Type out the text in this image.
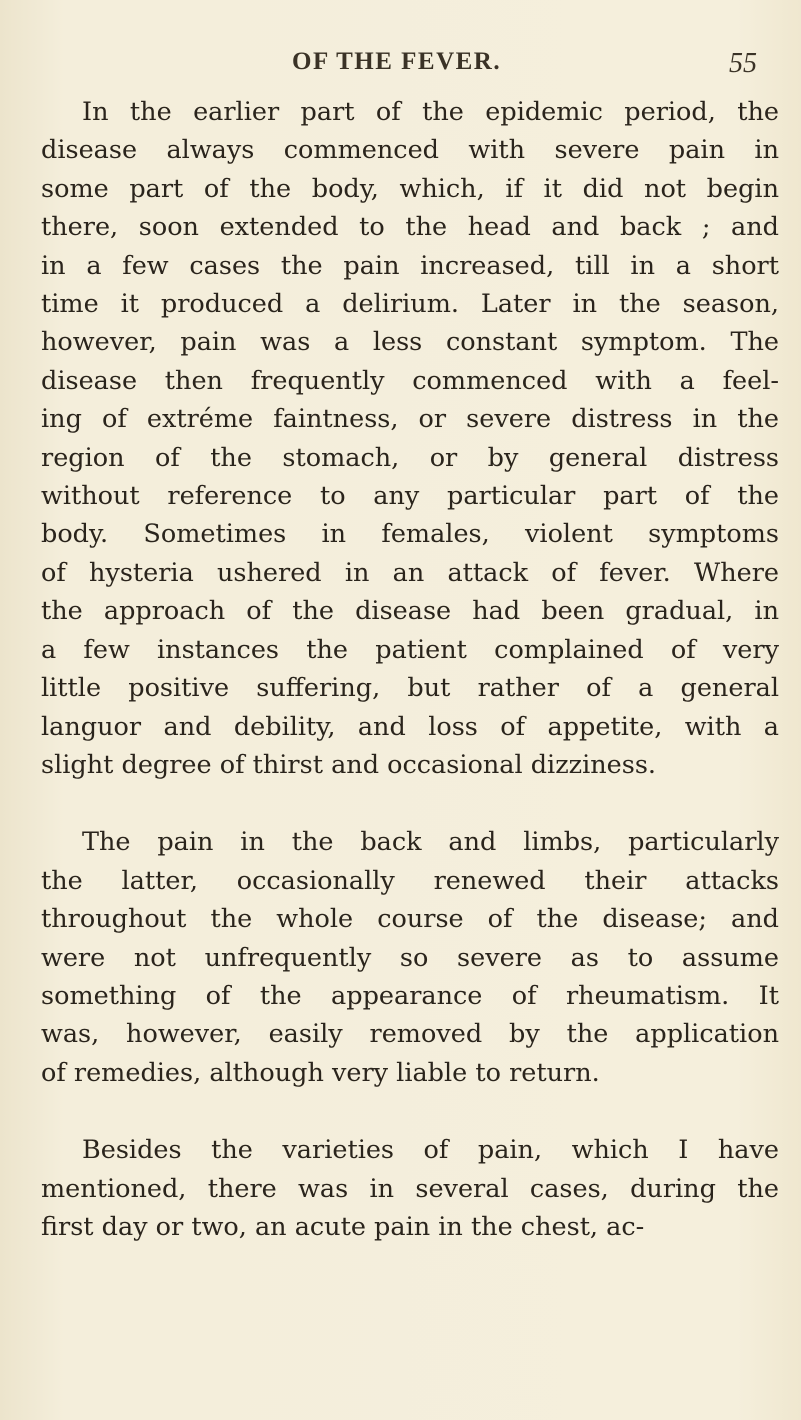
OF THE FEVER.	55

In the earlier part of the epidemic period, the
disease always commenced with severe pain in
some part of the body, which, if it did not begin
there, soon extended to the head and back ; and
in a few cases the pain increased, till in a short
time it produced a delirium. Later in the season,
however, pain was a less constant symptom. The
disease then frequently commenced with a feel-
ing of extréme faintness, or severe distress in the
region of the stomach, or by general distress
without reference to any particular part of the
body. Sometimes in females, violent symptoms
of hysteria ushered in an attack of fever. Where
the approach of the disease had been gradual, in
a few instances the patient complained of very
little positive suffering, but rather of a general
languor and debility, and loss of appetite, with a
slight degree of thirst and occasional dizziness.

The pain in the back and limbs, particularly
the latter, occasionally renewed their attacks
throughout the whole course of the disease; and
were not unfrequently so severe as to assume
something of the appearance of rheumatism. It
was, however, easily removed by the application
of remedies, although very liable to return.

Besides the varieties of pain, which I have
mentioned, there was in several cases, during the
first day or two, an acute pain in the chest, ac-
